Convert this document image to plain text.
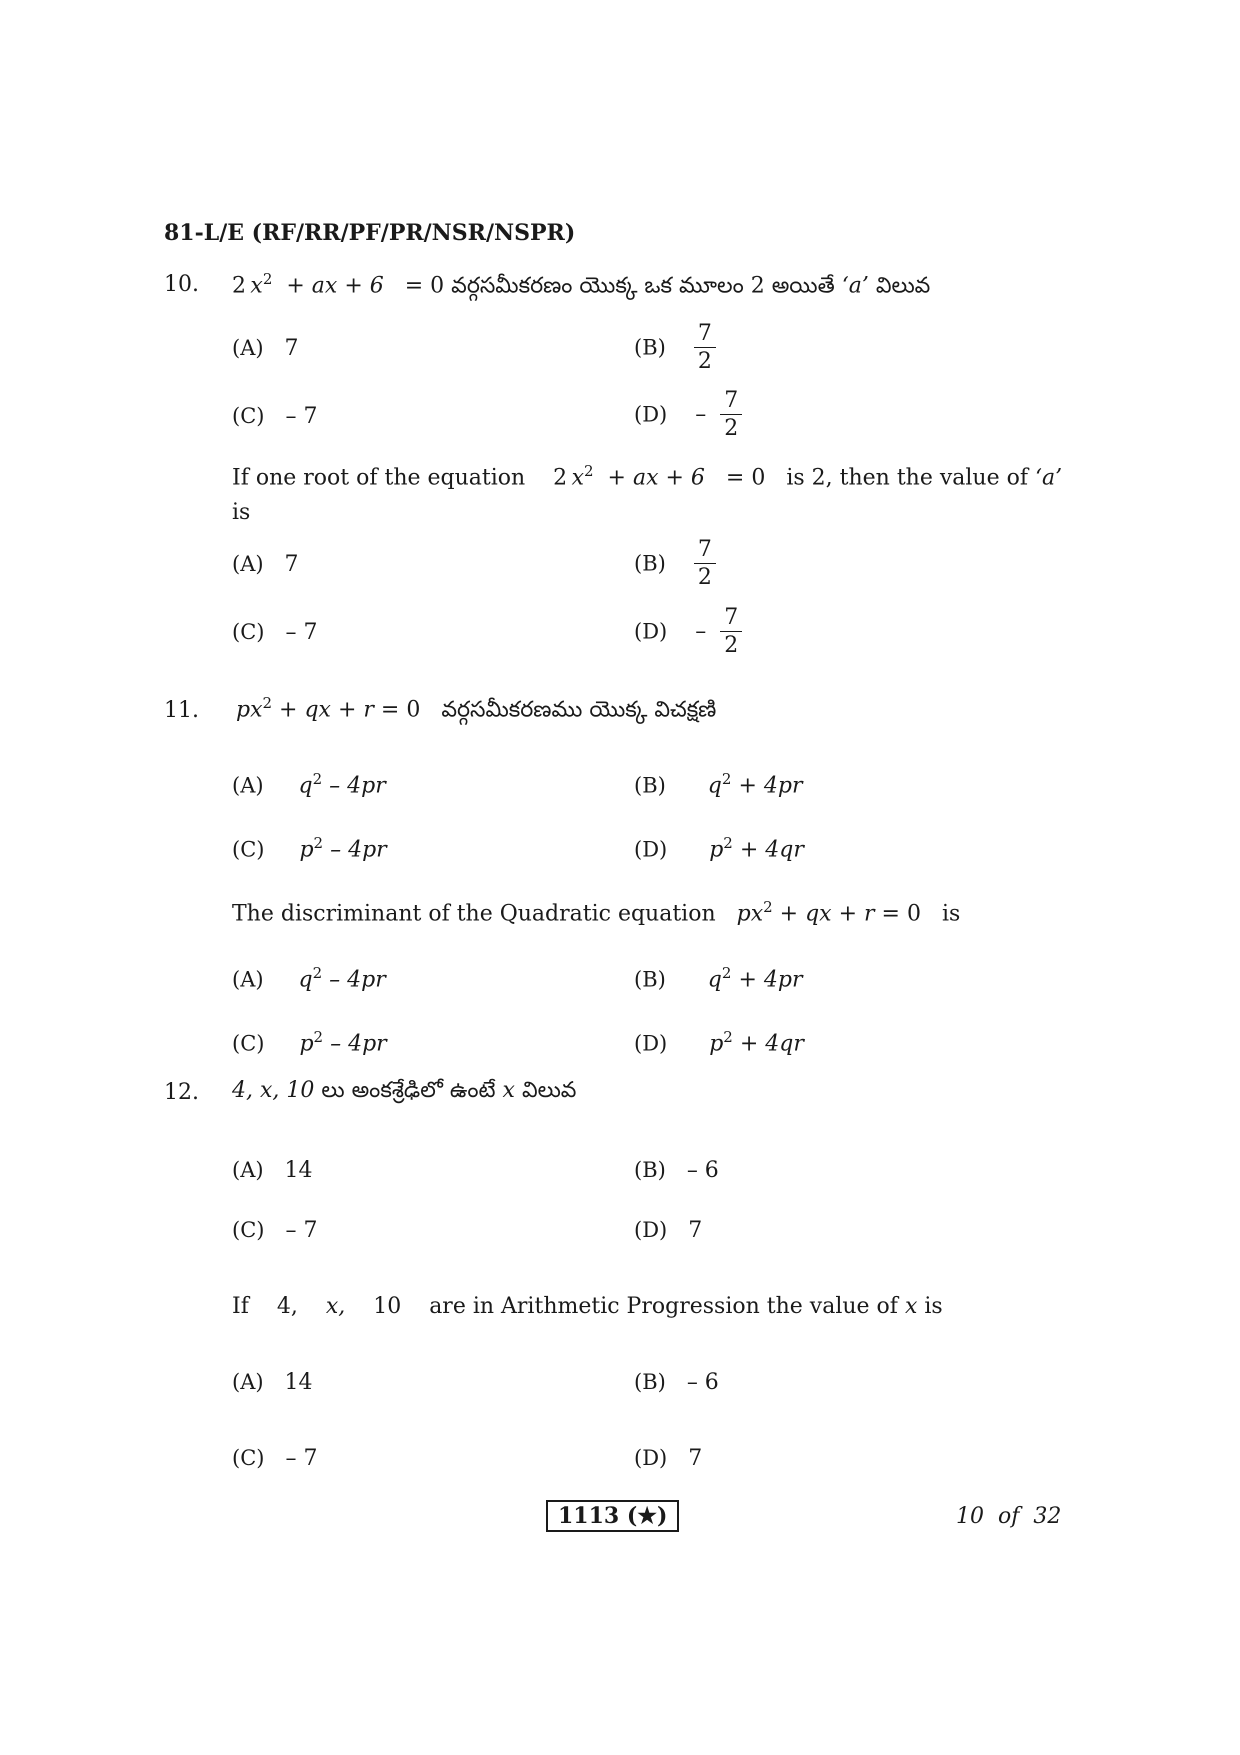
81-L/E (RF/RR/PF/PR/NSR/NSPR)
10. 2  $x^2$ + ax + 6 = 0 వర్గసమీకరణం యొక్క ఒక మూలం 2 అయితే ‘a’ విలువ
(A) 7	$(B) \frac{7}{2}$
(C) – 7	$(D) - \frac{7}{2}$
If one root of the equation 2  $x^2$ + ax + 6 = 0 is 2, then the value of ‘a’
is
(A) 7	$(B) \frac{7}{2}$
(C) – 7	$(D) - \frac{7}{2}$
11. $px^2$ + qx + r = 0 వర్గసమీకరణము యొక్క విచక్షణి
(A) $q^2 - 4pr$	(B) $q^2 + 4pr$
(C) $p^2 - 4pr$	(D) $p^2 + 4qr$
The discriminant of the Quadratic equation $px^2$ + qx + r = 0 is
(A) $q^2 - 4pr$	(B) $q^2 + 4pr$
(C) $p^2 - 4pr$	(D) $p^2 + 4qr$
12. 4, x, 10 లు అంకశ్రేఢిలో ఉంటే x విలువ
(A) 14	(B) – 6
(C) – 7	(D) 7
If 4, x, 10 are in Arithmetic Progression the value of x is
(A) 14	(B) – 6
(C) – 7	(D) 7
1113 (★)	10 of 32
